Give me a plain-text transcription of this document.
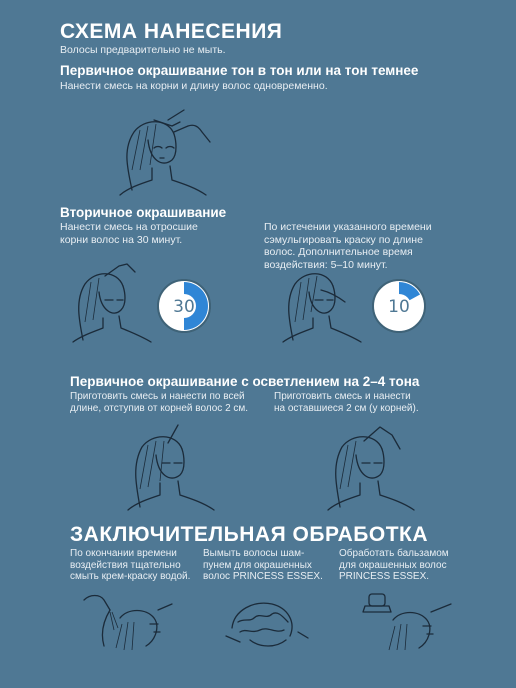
СХЕМА НАНЕСЕНИЯ
Волосы предварительно не мыть.
Первичное окрашивание тон в тон или на тон темнее
Нанести смесь на корни и длину волос одновременно.
Вторичное окрашивание
Нанести смесь на отросшие
корни волос на 30 минут.
По истечении указанного времени
сэмульгировать краску по длине
волос. Дополнительное время
воздействия: 5–10 минут.
30	10
Первичное окрашивание с осветлением на 2–4 тона
Приготовить смесь и нанести по всей
длине, отступив от корней волос 2 см.
Приготовить смесь и нанести
на оставшиеся 2 см (у корней).
ЗАКЛЮЧИТЕЛЬНАЯ ОБРАБОТКА
По окончании времени
воздействия тщательно
смыть крем-краску водой.
Вымыть волосы шам-
пунем для окрашенных
волос PRINCESS ESSEX.
Обработать бальзамом
для окрашенных волос
PRINCESS ESSEX.
